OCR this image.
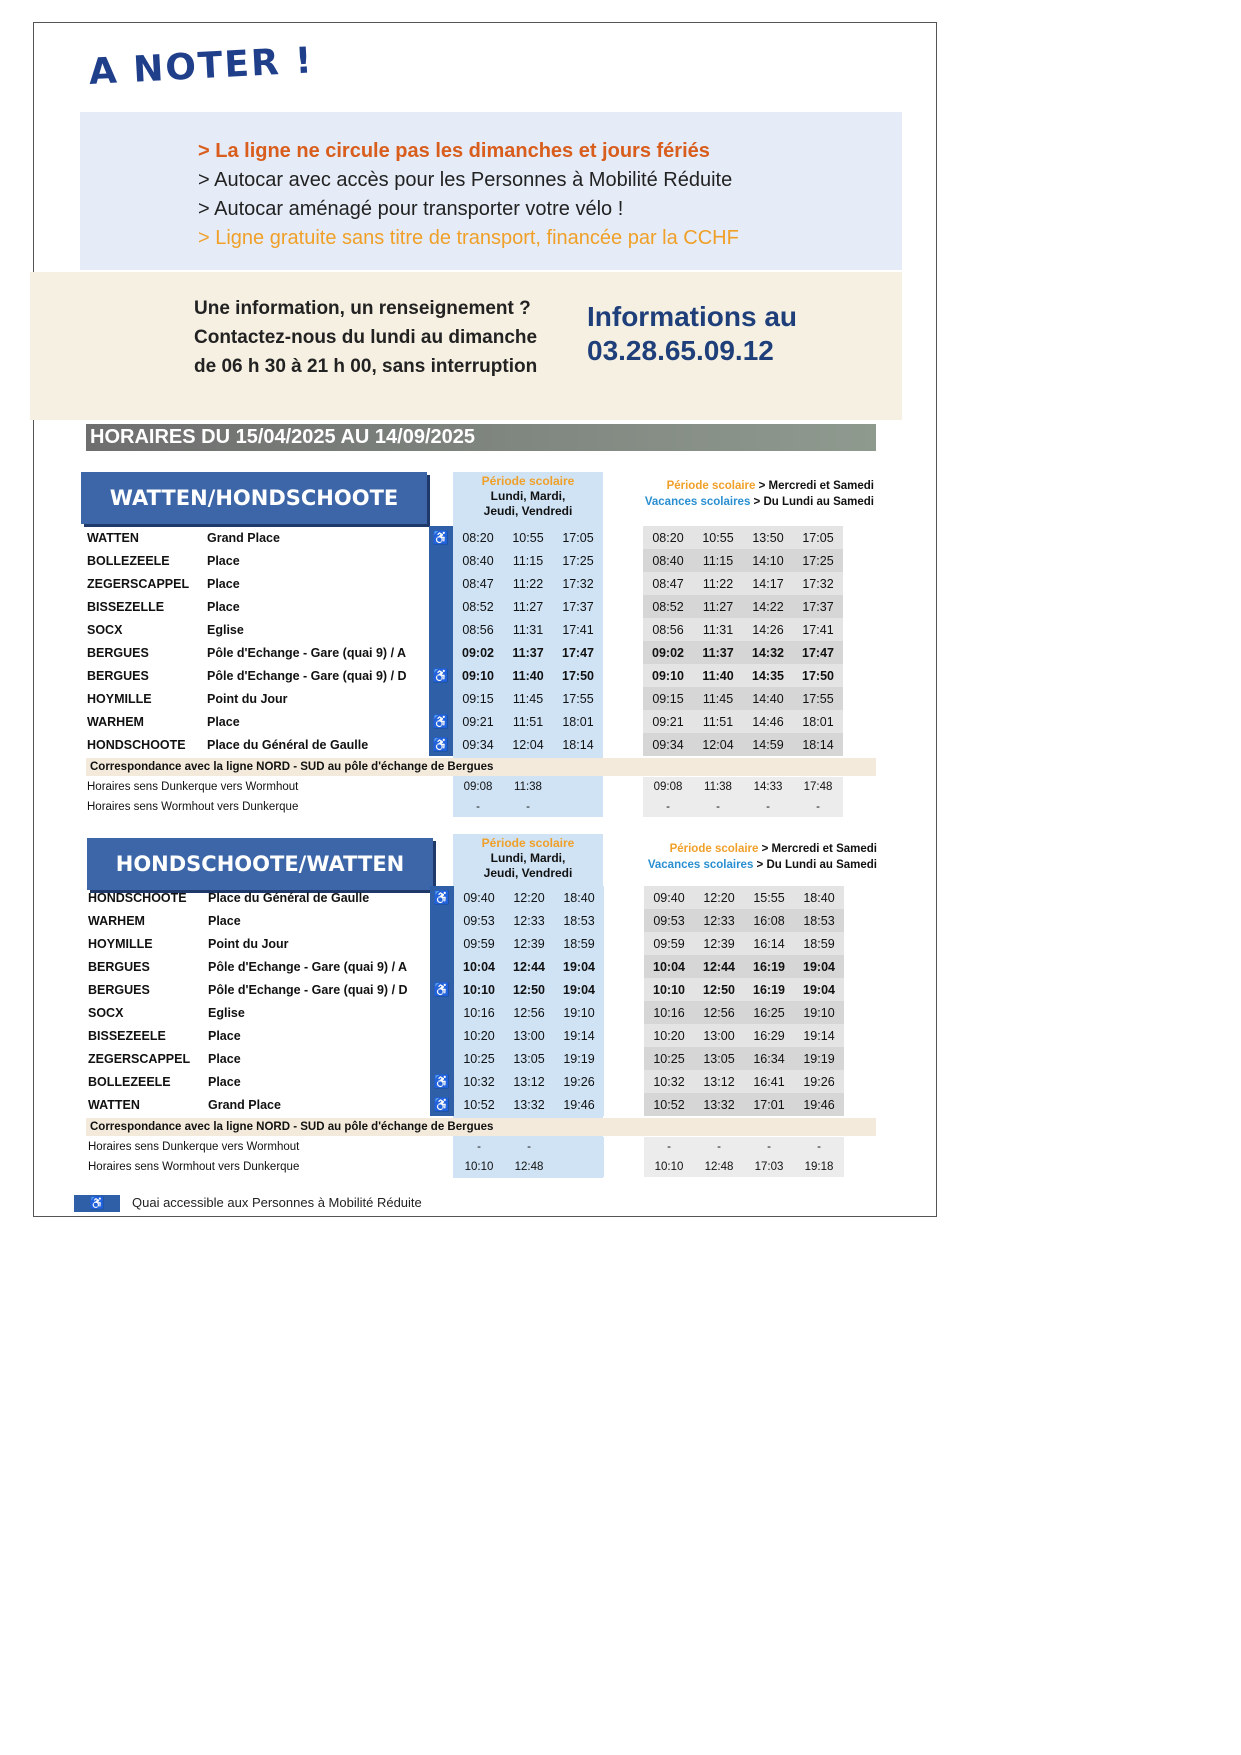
A NOTER !
> La ligne ne circule pas les dimanches et jours fériés
> Autocar avec accès pour les Personnes à Mobilité Réduite
> Autocar aménagé pour transporter votre vélo !
> Ligne gratuite sans titre de transport, financée par la CCHF
Une information, un renseignement ?
Contactez-nous du lundi au dimanche
de 06 h 30 à 21 h 00, sans interruption
Informations au
03.28.65.09.12
HORAIRES DU 15/04/2025 AU 14/09/2025
WATTEN/HONDSCHOOTE
Période scolaire
Lundi, Mardi,
Jeudi, Vendredi
Période scolaire > Mercredi et Samedi
Vacances scolaires > Du Lundi au Samedi
WATTEN	Grand Place	♿	08:20	10:55	17:05		08:20	10:55	13:50	17:05
BOLLEZEELE	Place		08:40	11:15	17:25		08:40	11:15	14:10	17:25
ZEGERSCAPPEL	Place		08:47	11:22	17:32		08:47	11:22	14:17	17:32
BISSEZELLE	Place		08:52	11:27	17:37		08:52	11:27	14:22	17:37
SOCX	Eglise		08:56	11:31	17:41		08:56	11:31	14:26	17:41
BERGUES	Pôle d'Echange - Gare (quai 9) / A		09:02	11:37	17:47		09:02	11:37	14:32	17:47
BERGUES	Pôle d'Echange - Gare (quai 9) / D	♿	09:10	11:40	17:50		09:10	11:40	14:35	17:50
HOYMILLE	Point du Jour		09:15	11:45	17:55		09:15	11:45	14:40	17:55
WARHEM	Place	♿	09:21	11:51	18:01		09:21	11:51	14:46	18:01
HONDSCHOOTE	Place du Général de Gaulle	♿	09:34	12:04	18:14		09:34	12:04	14:59	18:14
Correspondance avec la ligne NORD - SUD au pôle d'échange de Bergues
Horaires sens Dunkerque vers Wormhout	09:08	11:38			09:08	11:38	14:33	17:48
Horaires sens Wormhout vers Dunkerque	-	-			-	-	-	-
HONDSCHOOTE/WATTEN
Période scolaire
Lundi, Mardi,
Jeudi, Vendredi
Période scolaire > Mercredi et Samedi
Vacances scolaires > Du Lundi au Samedi
HONDSCHOOTE	Place du Général de Gaulle	♿	09:40	12:20	18:40		09:40	12:20	15:55	18:40
WARHEM	Place		09:53	12:33	18:53		09:53	12:33	16:08	18:53
HOYMILLE	Point du Jour		09:59	12:39	18:59		09:59	12:39	16:14	18:59
BERGUES	Pôle d'Echange - Gare (quai 9) / A		10:04	12:44	19:04		10:04	12:44	16:19	19:04
BERGUES	Pôle d'Echange - Gare (quai 9) / D	♿	10:10	12:50	19:04		10:10	12:50	16:19	19:04
SOCX	Eglise		10:16	12:56	19:10		10:16	12:56	16:25	19:10
BISSEZEELE	Place		10:20	13:00	19:14		10:20	13:00	16:29	19:14
ZEGERSCAPPEL	Place		10:25	13:05	19:19		10:25	13:05	16:34	19:19
BOLLEZEELE	Place	♿	10:32	13:12	19:26		10:32	13:12	16:41	19:26
WATTEN	Grand Place	♿	10:52	13:32	19:46		10:52	13:32	17:01	19:46
Correspondance avec la ligne NORD - SUD au pôle d'échange de Bergues
Horaires sens Dunkerque vers Wormhout	-	-			-	-	-	-
Horaires sens Wormhout vers Dunkerque	10:10	12:48			10:10	12:48	17:03	19:18
♿ Quai accessible aux Personnes à Mobilité Réduite
